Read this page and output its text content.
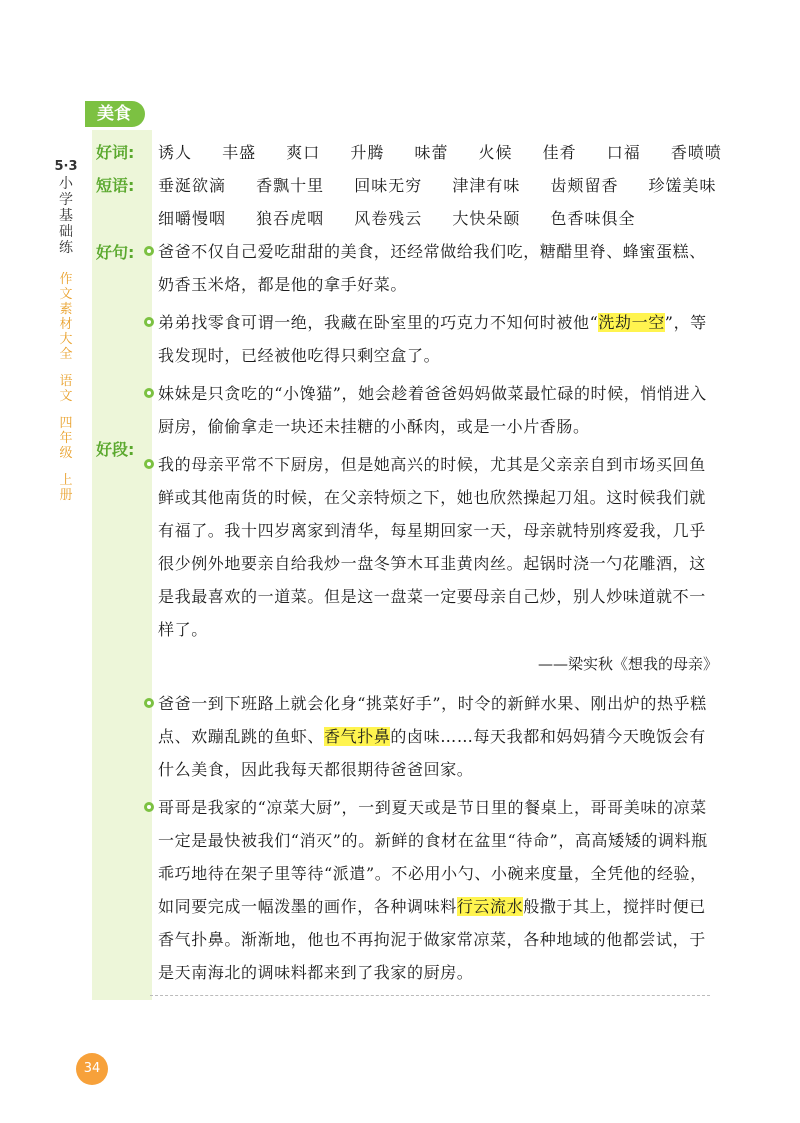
5·3
小
学
基
础
练
作
文
素
材
大
全
语
文
四
年
级
上
册
美食
好词: 诱人 丰盛 爽口 升腾 味蕾 火候 佳肴 口福 香喷喷
短语: 垂涎欲滴 香飘十里 回味无穷 津津有味 齿颊留香 珍馐美味
细嚼慢咽 狼吞虎咽 风卷残云 大快朵颐 色香味俱全
好句:
好段:
爸爸不仅自己爱吃甜甜的美食，还经常做给我们吃，糖醋里脊、蜂蜜蛋糕、奶香玉米烙，都是他的拿手好菜。
弟弟找零食可谓一绝，我藏在卧室里的巧克力不知何时被他“洗劫一空”，等我发现时，已经被他吃得只剩空盒了。
妹妹是只贪吃的“小馋猫”，她会趁着爸爸妈妈做菜最忙碌的时候，悄悄进入厨房，偷偷拿走一块还未挂糖的小酥肉，或是一小片香肠。
我的母亲平常不下厨房，但是她高兴的时候，尤其是父亲亲自到市场买回鱼鲜或其他南货的时候，在父亲特烦之下，她也欣然操起刀俎。这时候我们就有福了。我十四岁离家到清华，每星期回家一天，母亲就特别疼爱我，几乎很少例外地要亲自给我炒一盘冬笋木耳韭黄肉丝。起锅时浇一勺花雕酒，这是我最喜欢的一道菜。但是这一盘菜一定要母亲自己炒，别人炒味道就不一样了。
——梁实秋《想我的母亲》
爸爸一到下班路上就会化身“挑菜好手”，时令的新鲜水果、刚出炉的热乎糕点、欢蹦乱跳的鱼虾、香气扑鼻的卤味……每天我都和妈妈猜今天晚饭会有什么美食，因此我每天都很期待爸爸回家。
哥哥是我家的“凉菜大厨”，一到夏天或是节日里的餐桌上，哥哥美味的凉菜一定是最快被我们“消灭”的。新鲜的食材在盆里“待命”，高高矮矮的调料瓶乖巧地待在架子里等待“派遣”。不必用小勺、小碗来度量，全凭他的经验，如同要完成一幅泼墨的画作，各种调味料行云流水般撒于其上，搅拌时便已香气扑鼻。渐渐地，他也不再拘泥于做家常凉菜，各种地域的他都尝试，于是天南海北的调味料都来到了我家的厨房。
34
